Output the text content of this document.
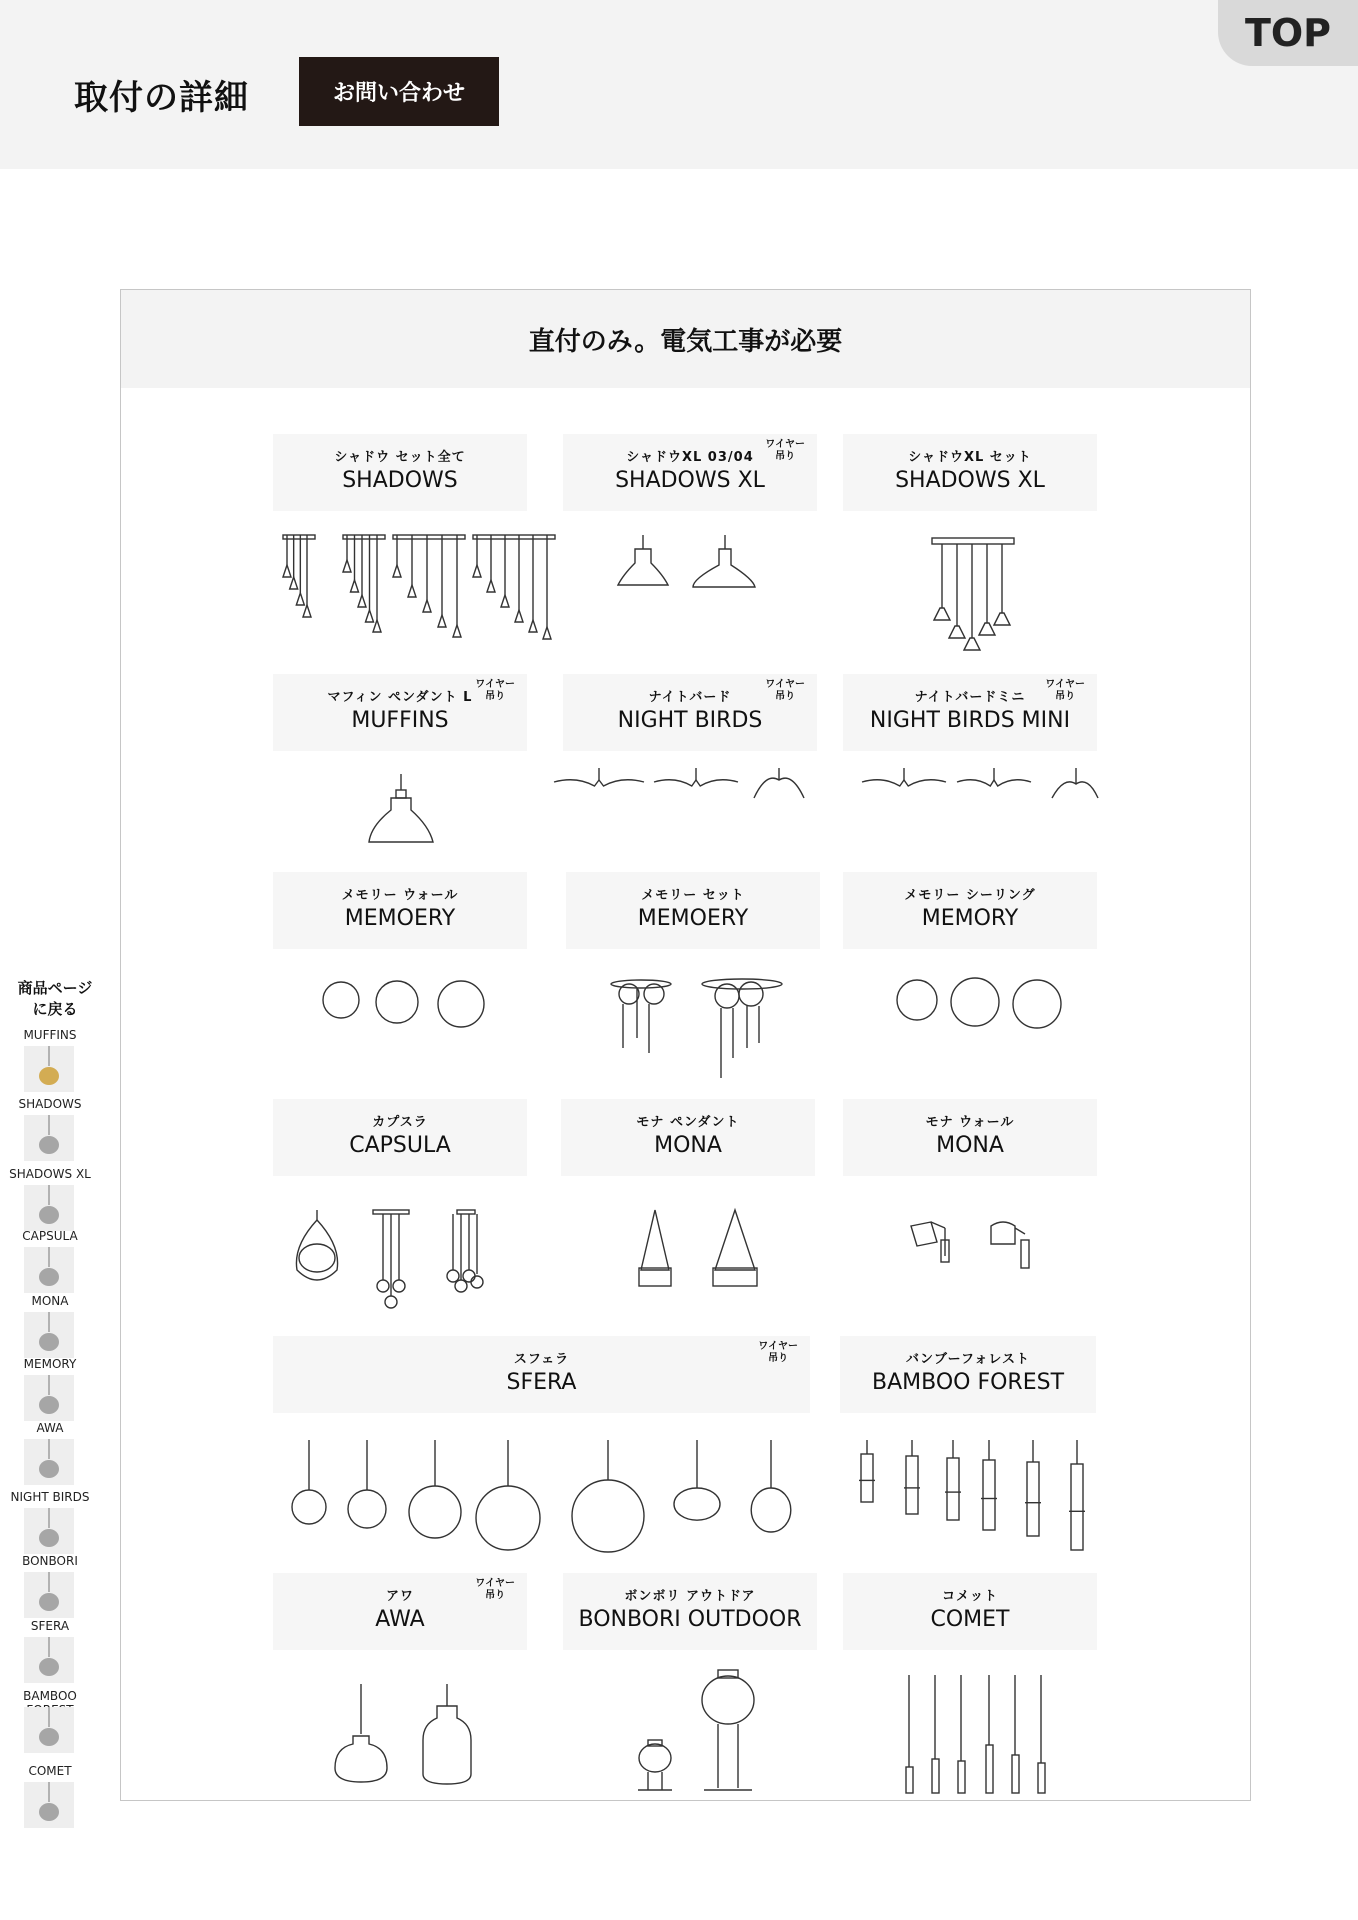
取付の詳細	お問い合わせ
TOP
直付のみ。電気工事が必要
シャドウ セット全て
SHADOWS
シャドウXL 03/04
SHADOWS XL
ワイヤー
吊り	シャドウXL セット
SHADOWS XL
マフィン ペンダント L
MUFFINS
ワイヤー
吊り	ナイトバード
NIGHT BIRDS
ワイヤー
吊り	ナイトバードミニ
NIGHT BIRDS MINI
ワイヤー
吊り
メモリー ウォール
MEMOERY
メモリー セット
MEMOERY
メモリー シーリング
MEMORY
カプスラ
CAPSULA
モナ ペンダント
MONA
モナ ウォール
MONA
スフェラ
SFERA
ワイヤー
吊り	バンブーフォレスト
BAMBOO FOREST
アワ
AWA
ワイヤー
吊り	ボンボリ アウトドア
BONBORI OUTDOOR
コメット
COMET
商品ページ
に戻る
MUFFINS
SHADOWS
SHADOWS XL
CAPSULA
MONA
MEMORY
AWA
NIGHT BIRDS
BONBORI
SFERA
BAMBOO
COMET
